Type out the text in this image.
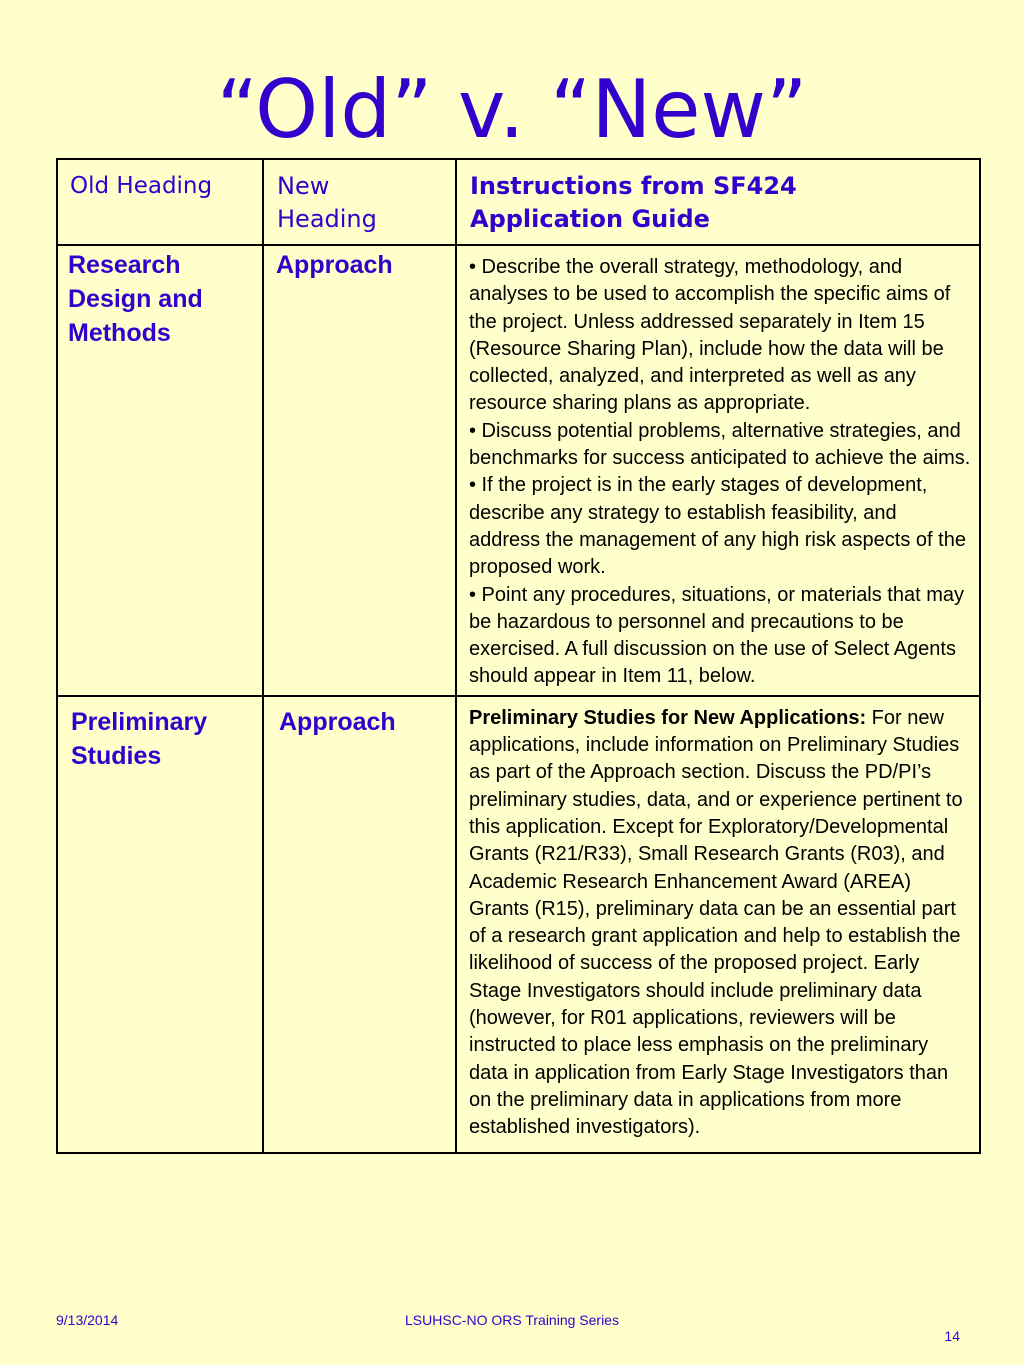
“Old” v. “New”
Old Heading	New Heading	Instructions from SF424 Application Guide

Research Design and Methods	Approach	• Describe the overall strategy, methodology, and analyses to be used to accomplish the specific aims of the project. Unless addressed separately in Item 15 (Resource Sharing Plan), include how the data will be collected, analyzed, and interpreted as well as any resource sharing plans as appropriate.

• Discuss potential problems, alternative strategies, and benchmarks for success anticipated to achieve the aims.

• If the project is in the early stages of development, describe any strategy to establish feasibility, and address the management of any high risk aspects of the proposed work.

• Point any procedures, situations, or materials that may be hazardous to personnel and precautions to be exercised. A full discussion on the use of Select Agents should appear in Item 11, below.

Preliminary Studies	Approach	Preliminary Studies for New Applications: For new applications, include information on Preliminary Studies as part of the Approach section. Discuss the PD/PI’s preliminary studies, data, and or experience pertinent to this application. Except for Exploratory/Developmental Grants (R21/R33), Small Research Grants (R03), and Academic Research Enhancement Award (AREA) Grants (R15), preliminary data can be an essential part of a research grant application and help to establish the likelihood of success of the proposed project. Early Stage Investigators should include preliminary data (however, for R01 applications, reviewers will be instructed to place less emphasis on the preliminary data in application from Early Stage Investigators than on the preliminary data in applications from more established investigators).

9/13/2014	LSUHSC-NO ORS Training Series
14
